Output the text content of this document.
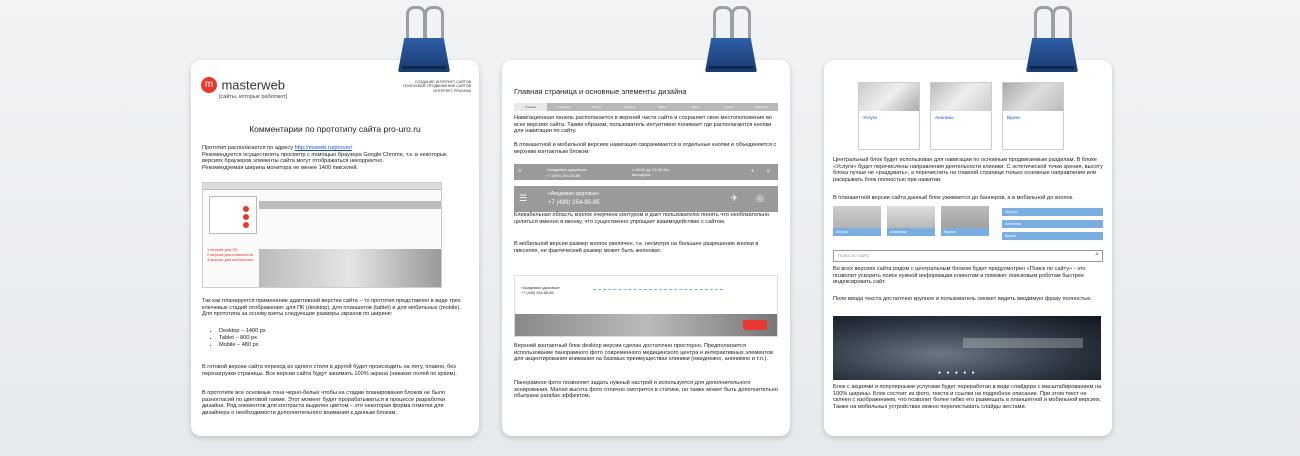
m masterweb
[сайты, которые работают]
СОЗДАНИЕ ИНТЕРНЕТ-САЙТОВ
ПОИСКОВОЕ ПРОДВИЖЕНИЕ САЙТОВ
ИНТЕРНЕТ-РЕКЛАМА
Комментарии по прототипу сайта pro-uro.ru
Прототип располагается по адресу http://msweb.ru/prouro/
Рекомендуется осуществлять просмотр с помощью браузера Google Chrome, т.к. в некоторых версиях браузеров элементы сайта могут отображаться некорректно.
Рекомендуемая ширина монитора не менее 1400 пикселей.
1 версия для ПК
2 версия для планшетов
3 версия для мобильных
Так как планируется применение адаптивной верстки сайта – то прототип представлен в виде трех ключевых стадий отображения: для ПК (desktop), для планшетов (tablet) и для мобильных (mobile). Для прототипа за основу взяты следующие размеры экранов по ширине:
• Desktop – 1400 px
• Tablet – 800 px
• Mobile – 480 px
В готовой версии сайта переход из одного стиля в другой будет происходить на лету, плавно, без перезагрузки страницы. Все версии сайта будут занимать 100% экрана (никаких полей по краям).
В прототипе все основные тона черно-белые чтобы на стадии планирования блоков не было разногласий по цветовой гамме. Этот момент будет прорабатываться в процессе разработки дизайна. Ряд элементов для контраста выделен цветом – это некоторая форма отметки для дизайнера о необходимости дополнительного внимания к данным блокам.
Главная страница и основные элементы дизайна
Главная	О клинике	Услуги	Анализы	Врачи	Цены	Статьи	Контакты
Навигационная панель располагается в верхней части сайта и сохраняет свое местоположение во всех версиях сайта. Таким образом, пользователь интуитивно понимает где располагаются кнопки для навигации по сайту.
В планшетной и мобильной версиях навигация сворачивается в отдельные кнопки и объединяется с верхним контактным блоком:
☰	«Академия здоровья»
+7 (499) 254-85-85
с 09:00 до 21:00 без выходных
✈	◎
☰	«Академия здоровья»
+7 (499) 254-85-85	✈ ◎
Кликабельная область кнопок очерчена контуром и дает пользователю понять что необязательно целиться именно в иконку, что существенно упрощает взаимодействие с сайтом.
В мобильной версии размер кнопок увеличен, т.к. несмотря на большее разрешение кнопки в пикселях, ее фактический размер может быть желноват.
«Академия здоровья»
+7 (499) 254-85-85
Верхний контактный блок desktop версии сделан достаточно просторно. Предполагается использование панорамного фото современного медицинского центра и интерактивных элементов для акцентирования внимания на базовых преимуществах клиники (ежедневно, анонимно и т.п.).
Панорамное фото позволяет задать нужный настрой и используется для дополнительного зонирования. Малая высота фото отлично смотрится в статике, но также может быть дополнительно обыграна parallax эффектом.
Услуги	Анализы	Врачи
Центральный блок будет использован для навигации по основным продвигаемым разделам. В блоке «Услуги» будет перечислены направления деятельности клиники. С эстетической точки зрения, высоту блока лучше не «раздувать», а перечислить на главной странице только основные направления или раскрывать блок полностью при нажатии.
В планшетной версии сайта данный блок ужимается до баннеров, а в мобильной до кнопок.
Услуги	Анализы	Врачи
Услуги
Анализы
Врачи
Поиск по сайту	⌕
Во всех версиях сайта рядом с центральным блоком будет предусмотрен «Поиск по сайту» - это позволит ускорить поиск нужной информации клиентам и поможет поисковым роботам быстрее индексировать сайт.
Поле ввода текста достаточно крупное и пользователь сможет видеть вводимую фразу полностью.
● ● ● ● ●
Блок с акциями и популярными услугами будет переработан в виде слайдера с масштабированием на 100% ширины. Блок состоит из фото, текста и ссылки на подробное описание. При этом текст не склеен с изображением, что позволит более гибко его размещать в планшетной и мобильной версиях. Также на мобильных устройствах можно перелистывать слайды жестами.
